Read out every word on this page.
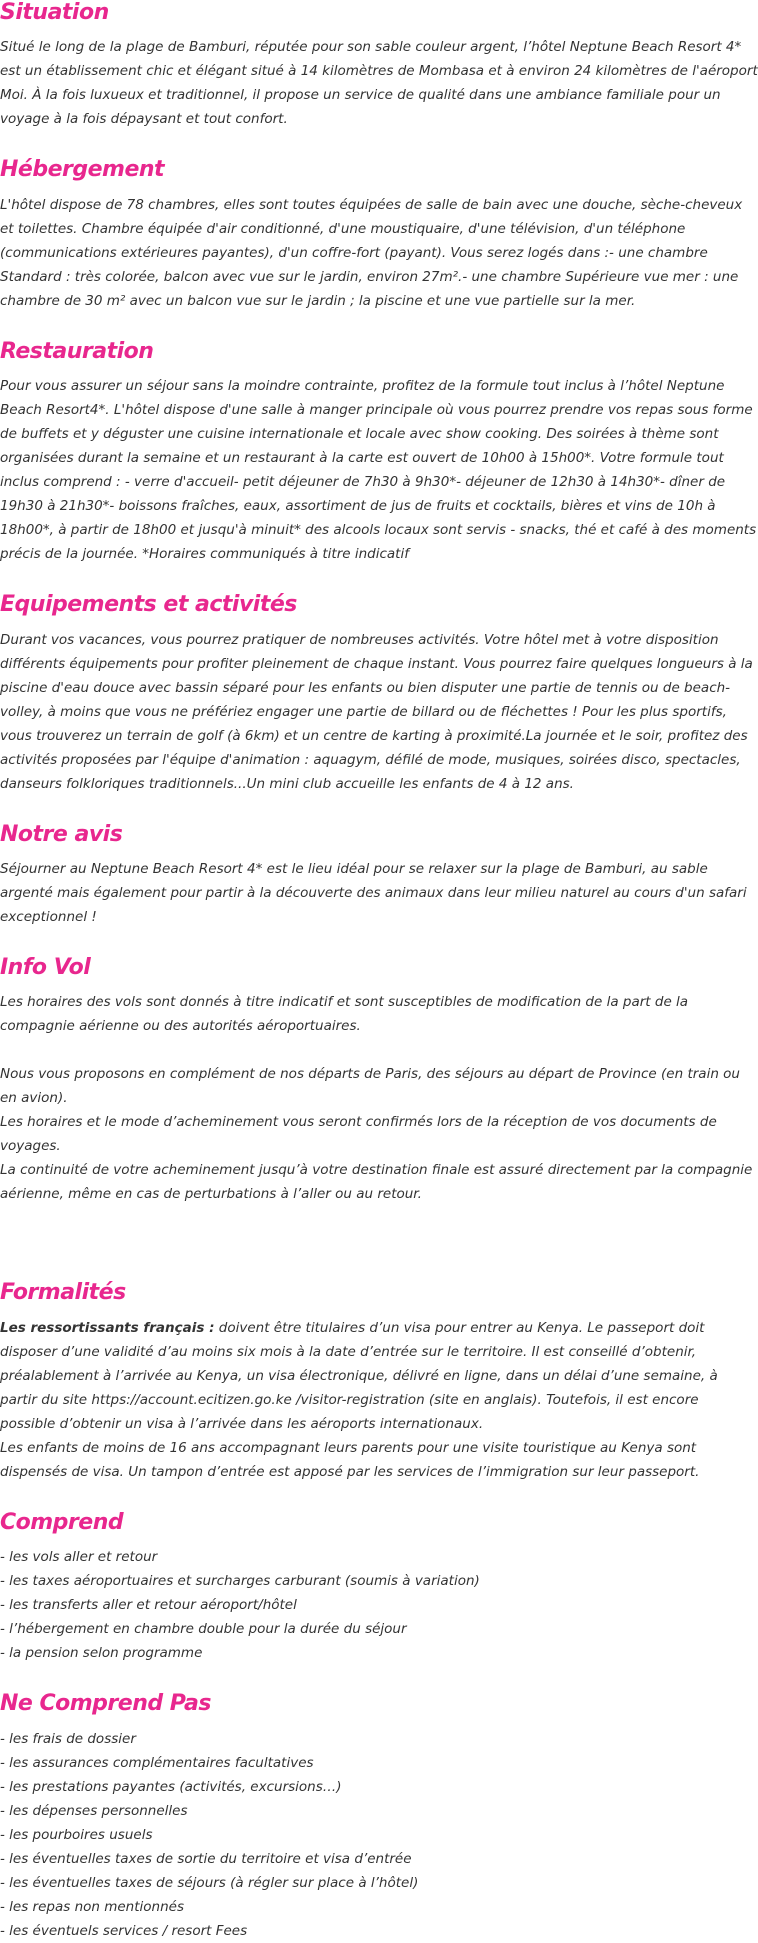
Situation

Situé le long de la plage de Bamburi, réputée pour son sable couleur argent, l’hôtel Neptune Beach Resort 4* est un établissement chic et élégant situé à 14 kilomètres de Mombasa et à environ 24 kilomètres de l'aéroport Moi. À la fois luxueux et traditionnel, il propose un service de qualité dans une ambiance familiale pour un voyage à la fois dépaysant et tout confort.

Hébergement

L'hôtel dispose de 78 chambres, elles sont toutes équipées de salle de bain avec une douche, sèche-cheveux et toilettes. Chambre équipée d'air conditionné, d'une moustiquaire, d'une télévision, d'un téléphone (communications extérieures payantes), d'un coffre-fort (payant). Vous serez logés dans :- une chambre Standard : très colorée, balcon avec vue sur le jardin, environ 27m².- une chambre Supérieure vue mer : une chambre de 30 m² avec un balcon vue sur le jardin ; la piscine et une vue partielle sur la mer.

Restauration

Pour vous assurer un séjour sans la moindre contrainte, profitez de la formule tout inclus à l’hôtel Neptune Beach Resort4*. L'hôtel dispose d'une salle à manger principale où vous pourrez prendre vos repas sous forme de buffets et y déguster une cuisine internationale et locale avec show cooking. Des soirées à thème sont organisées durant la semaine et un restaurant à la carte est ouvert de 10h00 à 15h00*. Votre formule tout inclus comprend : - verre d'accueil- petit déjeuner de 7h30 à 9h30*- déjeuner de 12h30 à 14h30*- dîner de 19h30 à 21h30*- boissons fraîches, eaux, assortiment de jus de fruits et cocktails, bières et vins de 10h à 18h00*, à partir de 18h00 et jusqu'à minuit* des alcools locaux sont servis - snacks, thé et café à des moments précis de la journée. *Horaires communiqués à titre indicatif

Equipements et activités

Durant vos vacances, vous pourrez pratiquer de nombreuses activités. Votre hôtel met à votre disposition différents équipements pour profiter pleinement de chaque instant. Vous pourrez faire quelques longueurs à la piscine d'eau douce avec bassin séparé pour les enfants ou bien disputer une partie de tennis ou de beach-volley, à moins que vous ne préfériez engager une partie de billard ou de fléchettes ! Pour les plus sportifs, vous trouverez un terrain de golf (à 6km) et un centre de karting à proximité.La journée et le soir, profitez des activités proposées par l'équipe d'animation : aquagym, défilé de mode, musiques, soirées disco, spectacles, danseurs folkloriques traditionnels...Un mini club accueille les enfants de 4 à 12 ans.

Notre avis

Séjourner au Neptune Beach Resort 4* est le lieu idéal pour se relaxer sur la plage de Bamburi, au sable argenté mais également pour partir à la découverte des animaux dans leur milieu naturel au cours d'un safari exceptionnel !

Info Vol

Les horaires des vols sont donnés à titre indicatif et sont susceptibles de modification de la part de la compagnie aérienne ou des autorités aéroportuaires.

Nous vous proposons en complément de nos départs de Paris, des séjours au départ de Province (en train ou en avion).

Les horaires et le mode d’acheminement vous seront confirmés lors de la réception de vos documents de voyages.

La continuité de votre acheminement jusqu’à votre destination finale est assuré directement par la compagnie aérienne, même en cas de perturbations à l’aller ou au retour.

Formalités

Les ressortissants français : doivent être titulaires d’un visa pour entrer au Kenya. Le passeport doit disposer d’une validité d’au moins six mois à la date d’entrée sur le territoire. Il est conseillé d’obtenir, préalablement à l’arrivée au Kenya, un visa électronique, délivré en ligne, dans un délai d’une semaine, à partir du site https://account.ecitizen.go.ke /visitor-registration (site en anglais). Toutefois, il est encore possible d’obtenir un visa à l’arrivée dans les aéroports internationaux.

Les enfants de moins de 16 ans accompagnant leurs parents pour une visite touristique au Kenya sont dispensés de visa. Un tampon d’entrée est apposé par les services de l’immigration sur leur passeport.

Comprend
- les vols aller et retour
- les taxes aéroportuaires et surcharges carburant (soumis à variation)
- les transferts aller et retour aéroport/hôtel
- l’hébergement en chambre double pour la durée du séjour
- la pension selon programme
Ne Comprend Pas
- les frais de dossier
- les assurances complémentaires facultatives
- les prestations payantes (activités, excursions…)
- les dépenses personnelles
- les pourboires usuels
- les éventuelles taxes de sortie du territoire et visa d’entrée
- les éventuelles taxes de séjours (à régler sur place à l’hôtel)
- les repas non mentionnés
- les éventuels services / resort Fees
